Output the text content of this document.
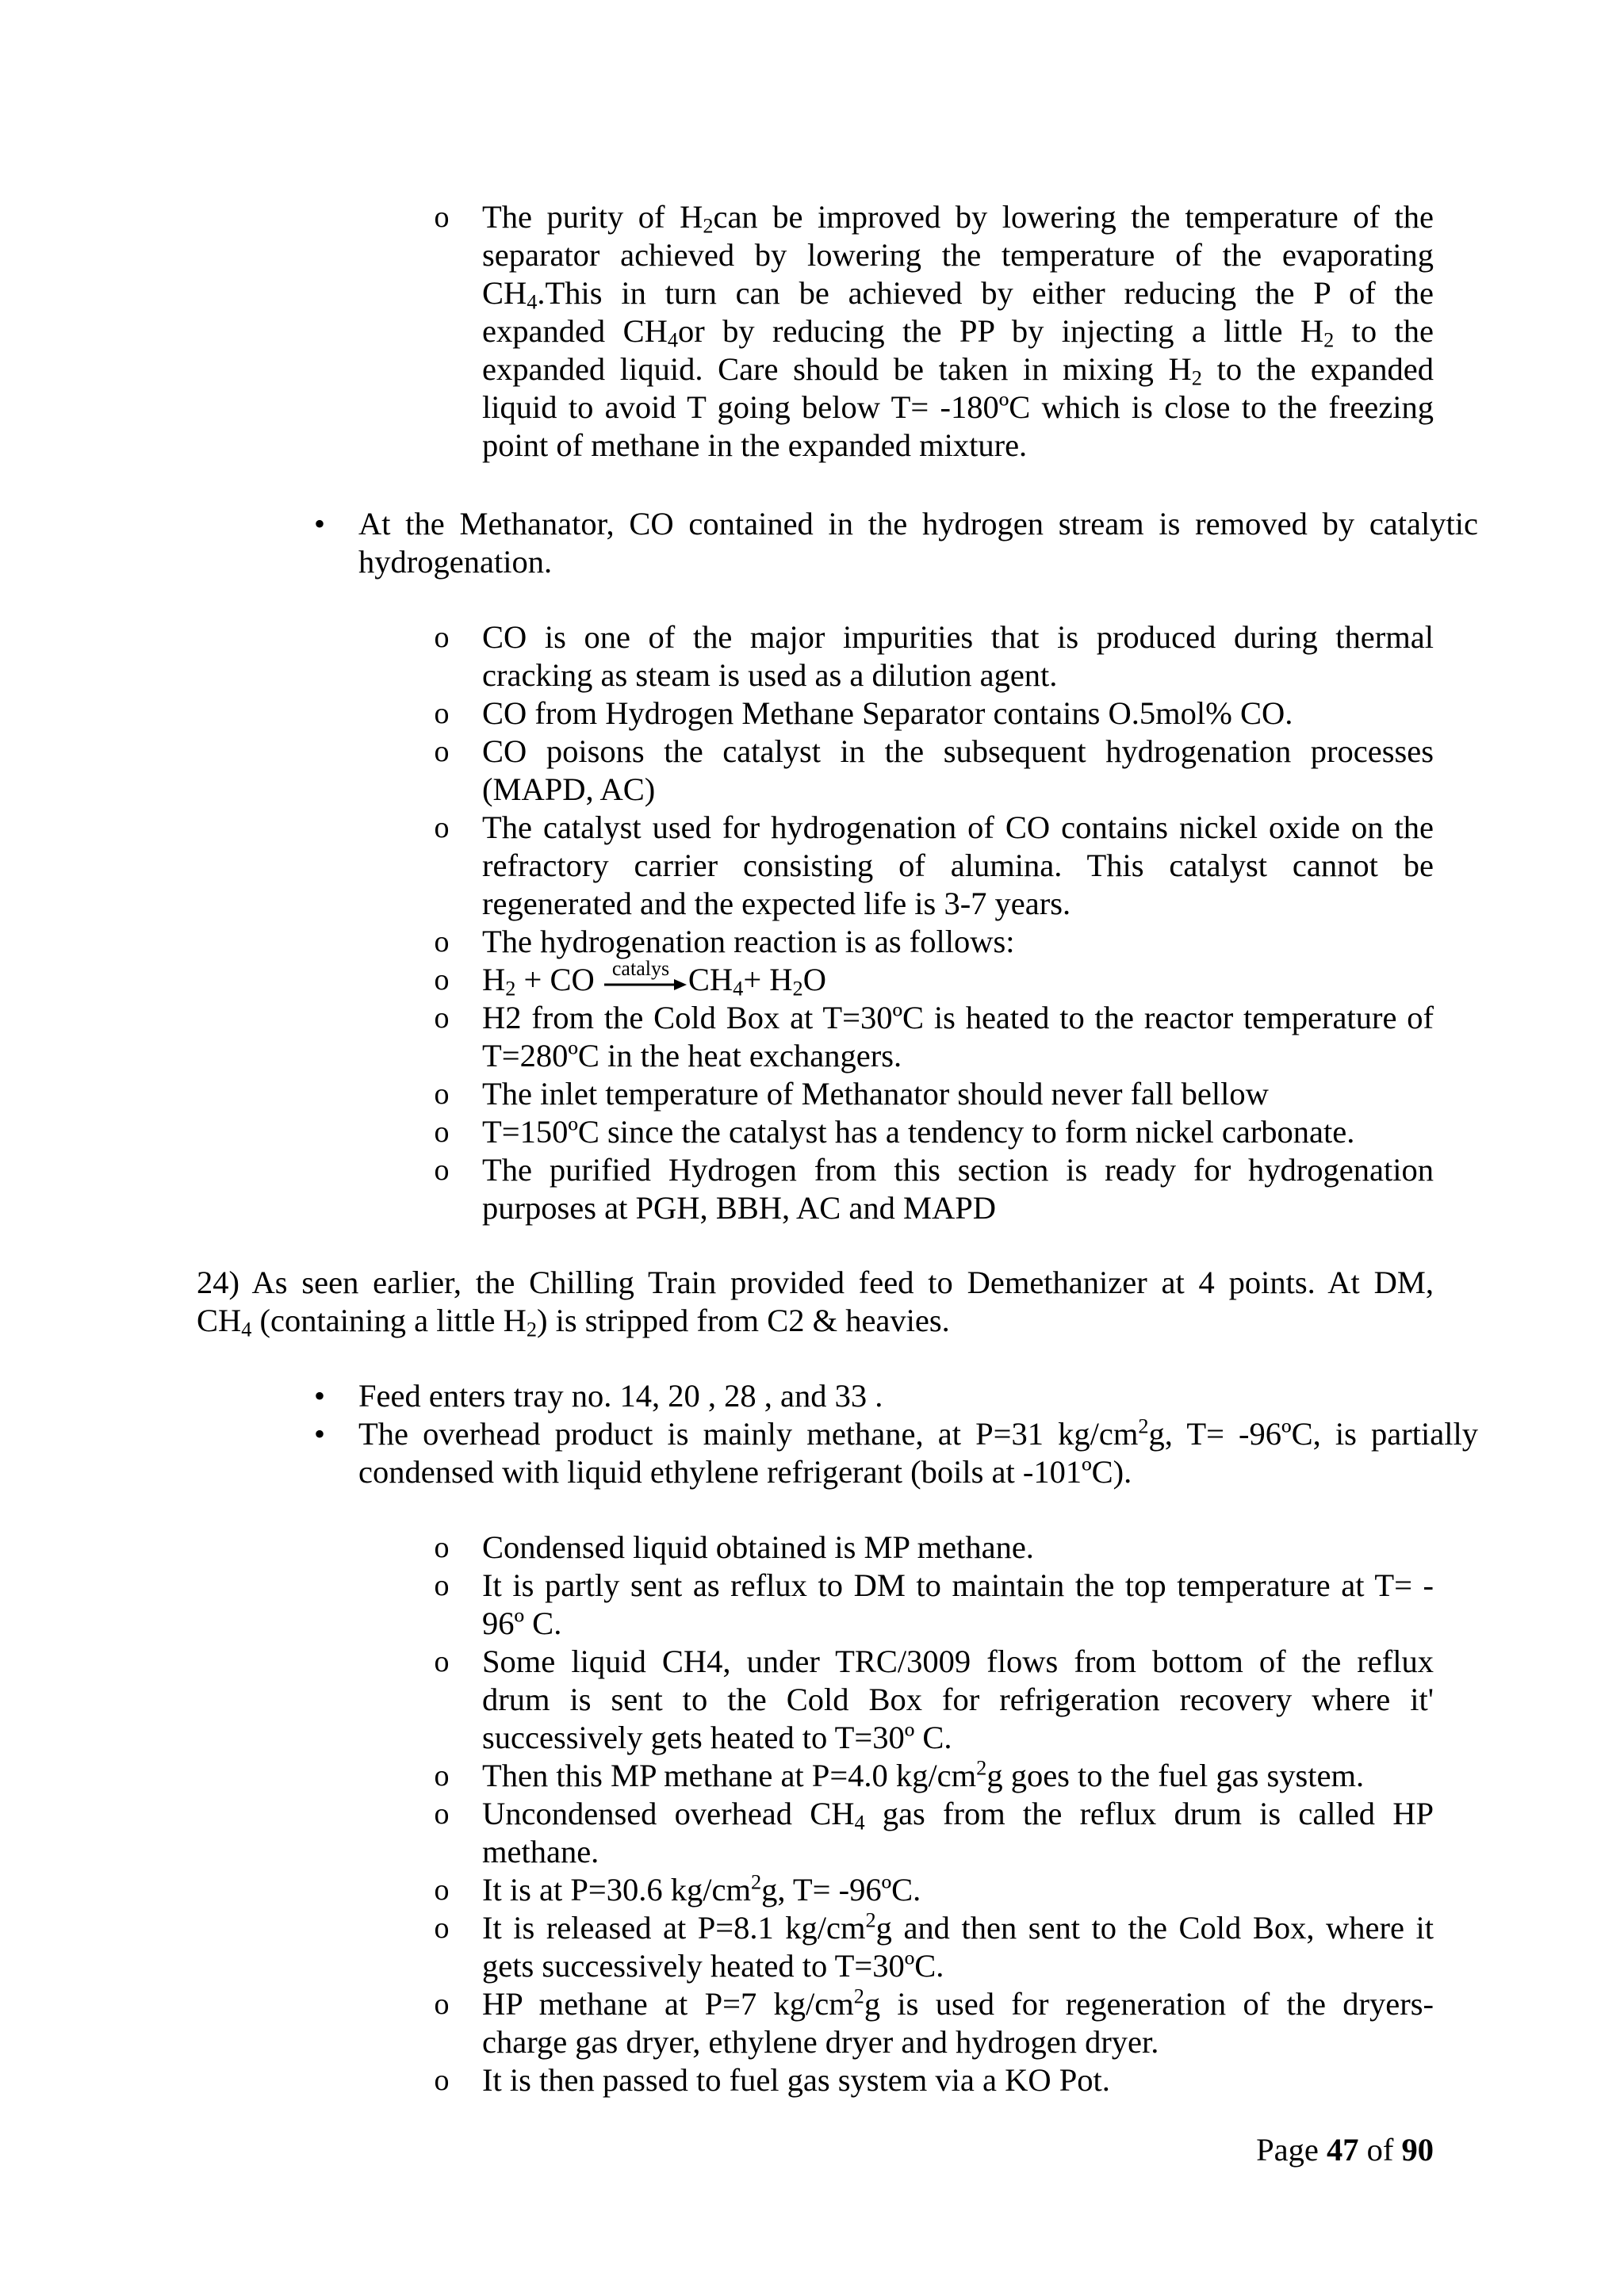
o The purity of $H_2can$ be improved by lowering the temperature of the
separator achieved by lowering the temperature of the evaporating
$CH_4.This$ in turn can be achieved by either reducing the P of the
expanded $CH_4or$ by reducing the PP by injecting a little $H_2$ to the
expanded liquid. Care should be taken in mixing $H_2$ to the expanded
liquid to avoid T going below T= -180ºC which is close to the freezing
point of methane in the expanded mixture.
• At the Methanator, CO contained in the hydrogen stream is removed by catalytic
hydrogenation.
o CO is one of the major impurities that is produced during thermal
cracking as steam is used as a dilution agent.
o CO from Hydrogen Methane Separator contains O.5mol% CO.
o CO poisons the catalyst in the subsequent hydrogenation processes
(MAPD, AC)
o The catalyst used for hydrogenation of CO contains nickel oxide on the
refractory carrier consisting of alumina. This catalyst cannot be
regenerated and the expected life is 3-7 years.
o The hydrogenation reaction is as follows:
o $H_2$ + CO catalys $CH_4+ H_2O$
o H2 from the Cold Box at T=30ºC is heated to the reactor temperature of
T=280ºC in the heat exchangers.
o The inlet temperature of Methanator should never fall bellow
o T=150ºC since the catalyst has a tendency to form nickel carbonate.
o The purified Hydrogen from this section is ready for hydrogenation
purposes at PGH, BBH, AC and MAPD
24) As seen earlier, the Chilling Train provided feed to Demethanizer at 4 points. At DM,
$CH_4$ (containing a little $H_2$) is stripped from C2 & heavies.
• Feed enters tray no. 14, 20 , 28 , and 33 .
• The overhead product is mainly methane, at P=31 $kg/cm^2g$, T= -96ºC, is partially
condensed with liquid ethylene refrigerant (boils at -101ºC).
o Condensed liquid obtained is MP methane.
o It is partly sent as reflux to DM to maintain the top temperature at T= -
96º C.
o Some liquid CH4, under TRC/3009 flows from bottom of the reflux
drum is sent to the Cold Box for refrigeration recovery where it'
successively gets heated to T=30º C.
o Then this MP methane at P=4.0 $kg/cm^2g$ goes to the fuel gas system.
o Uncondensed overhead $CH_4$ gas from the reflux drum is called HP
methane.
o It is at P=30.6 $kg/cm^2g$, T= -96ºC.
o It is released at P=8.1 $kg/cm^2g$ and then sent to the Cold Box, where it
gets successively heated to T=30ºC.
o HP methane at P=7 $kg/cm^2g$ is used for regeneration of the dryers-
charge gas dryer, ethylene dryer and hydrogen dryer.
o It is then passed to fuel gas system via a KO Pot.
Page 47 of 90
